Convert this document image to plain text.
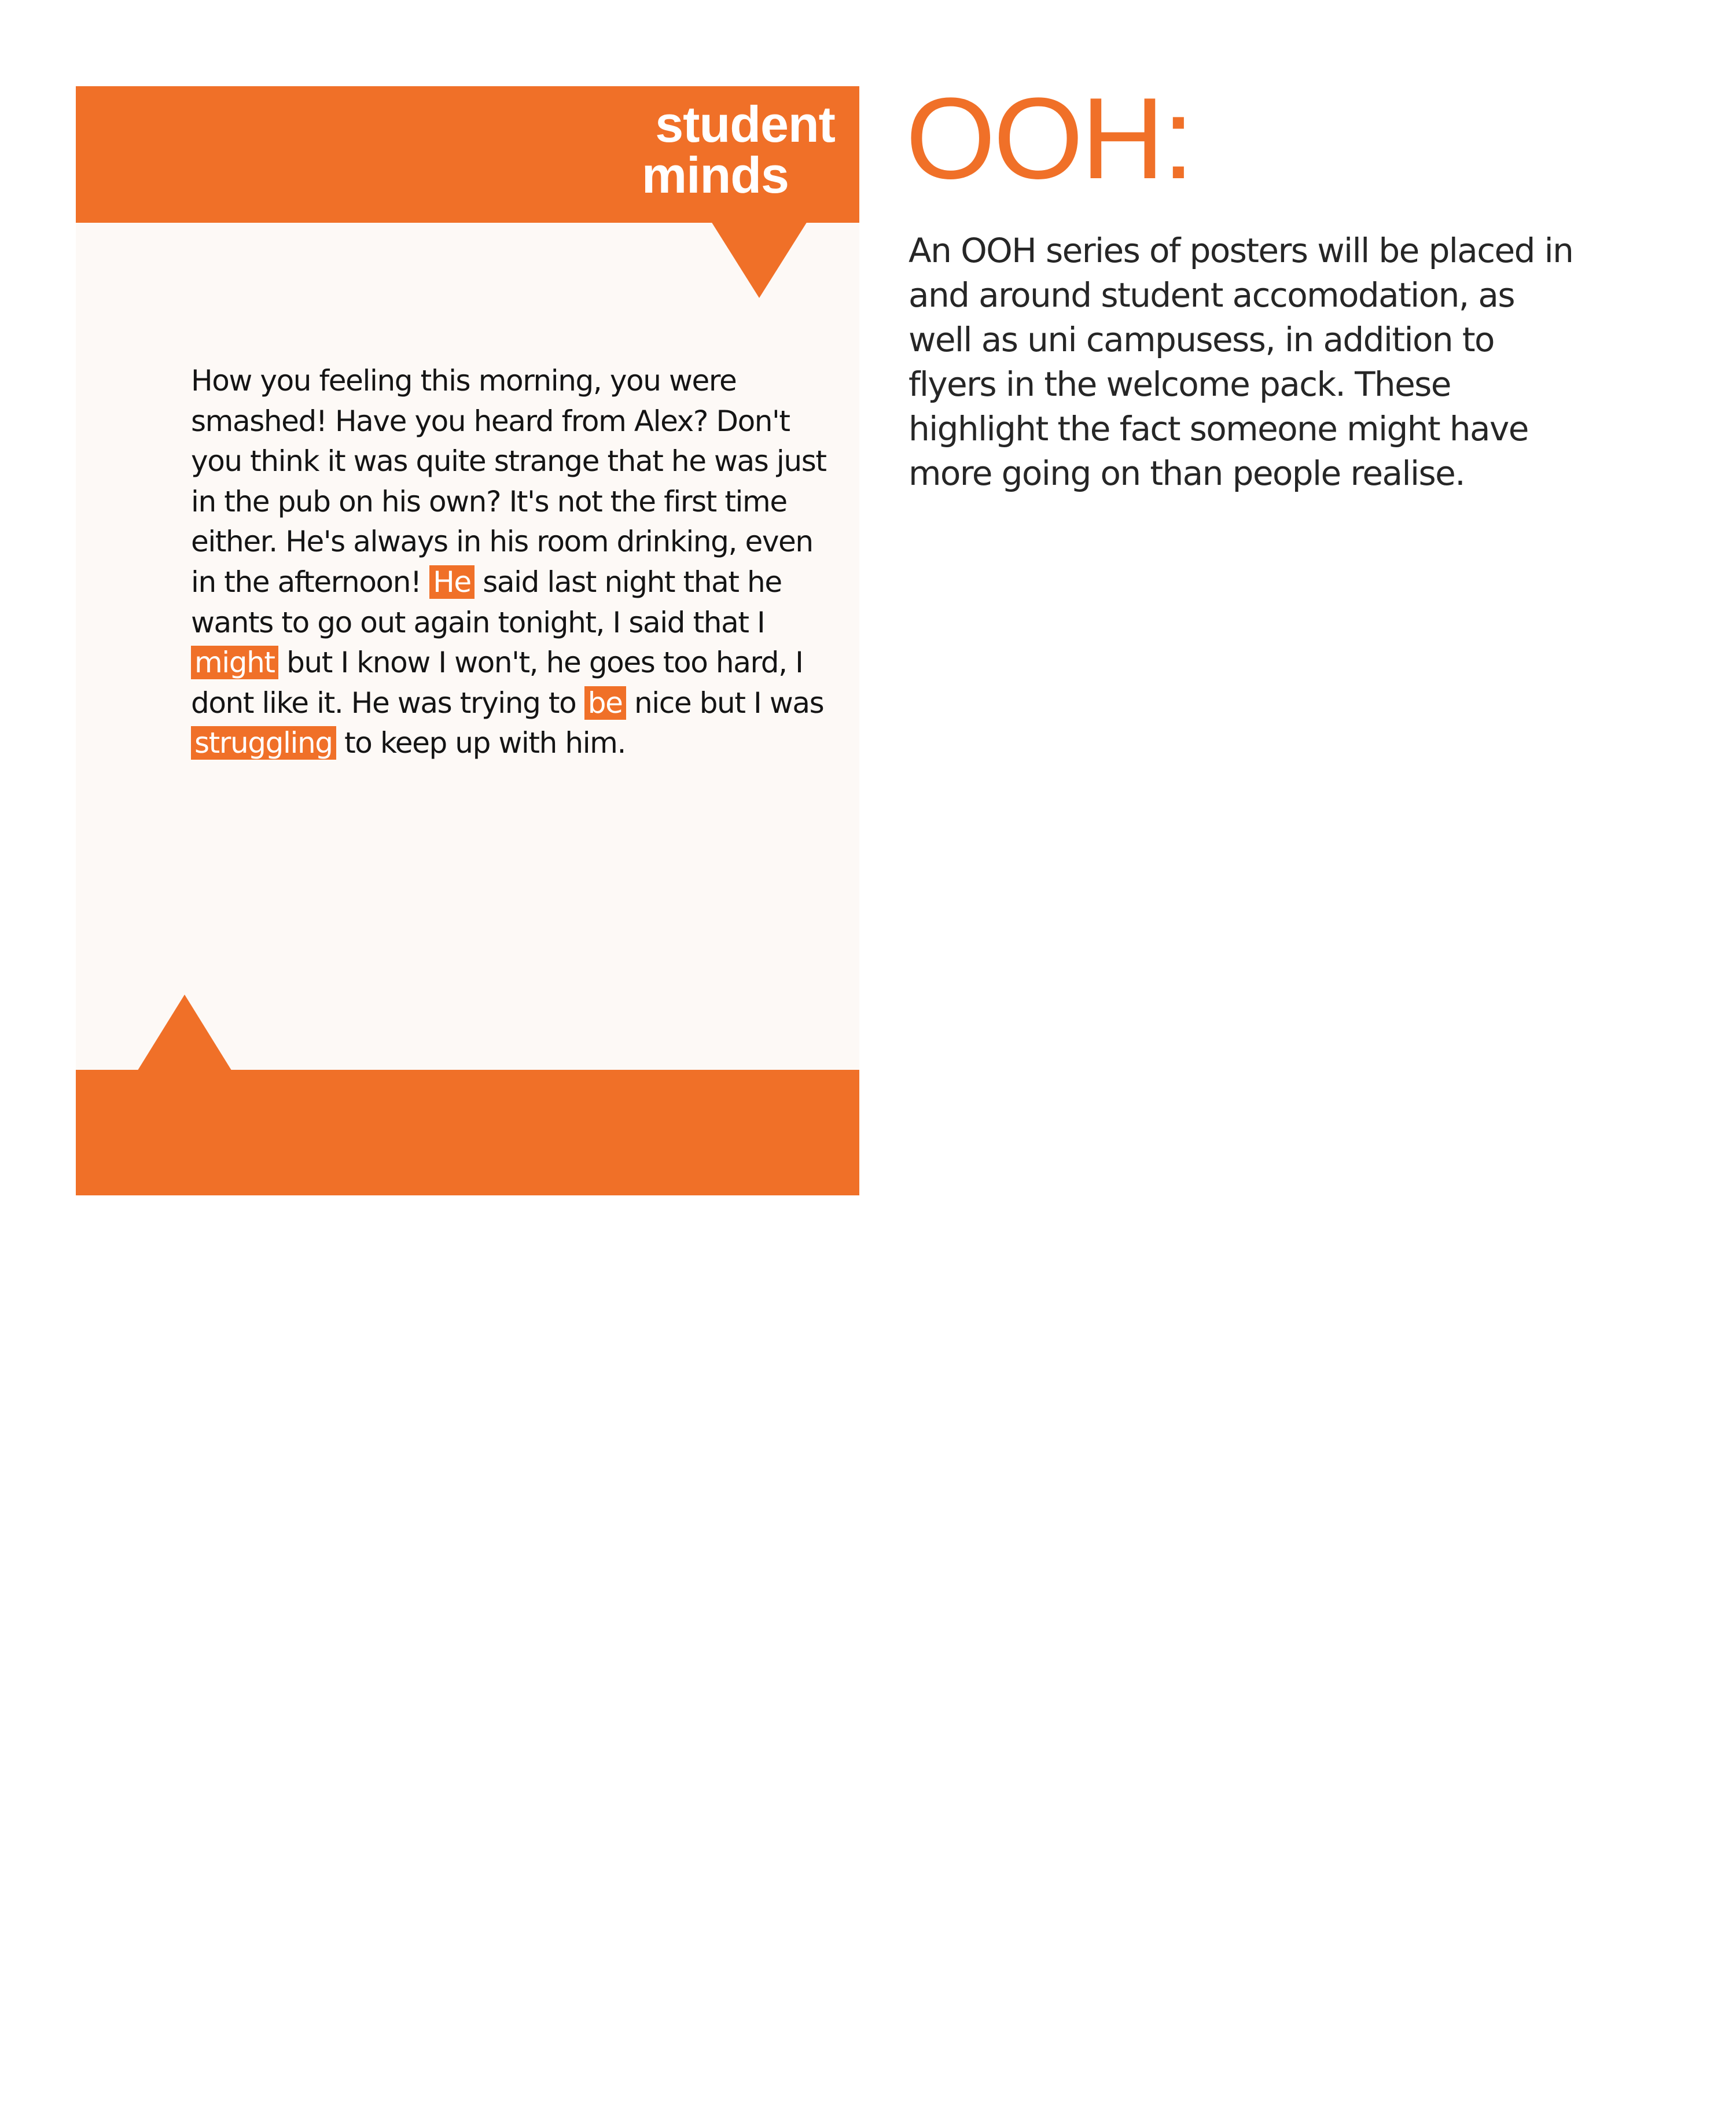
student
minds

How you feeling this morning, you were smashed! Have you heard from Alex? Don't you think it was quite strange that he was just in the pub on his own? It's not the first time either. He's always in his room drinking, even in the afternoon! He said last night that he wants to go out again tonight, I said that I might but I know I won't, he goes too hard, I dont like it. He was trying to be nice but I was struggling to keep up with him.

In it together
OOH:

An OOH series of posters will be placed in and around student accomodation, as well as uni campusess, in addition to flyers in the welcome pack. These highlight the fact someone might have more going on than people realise.
